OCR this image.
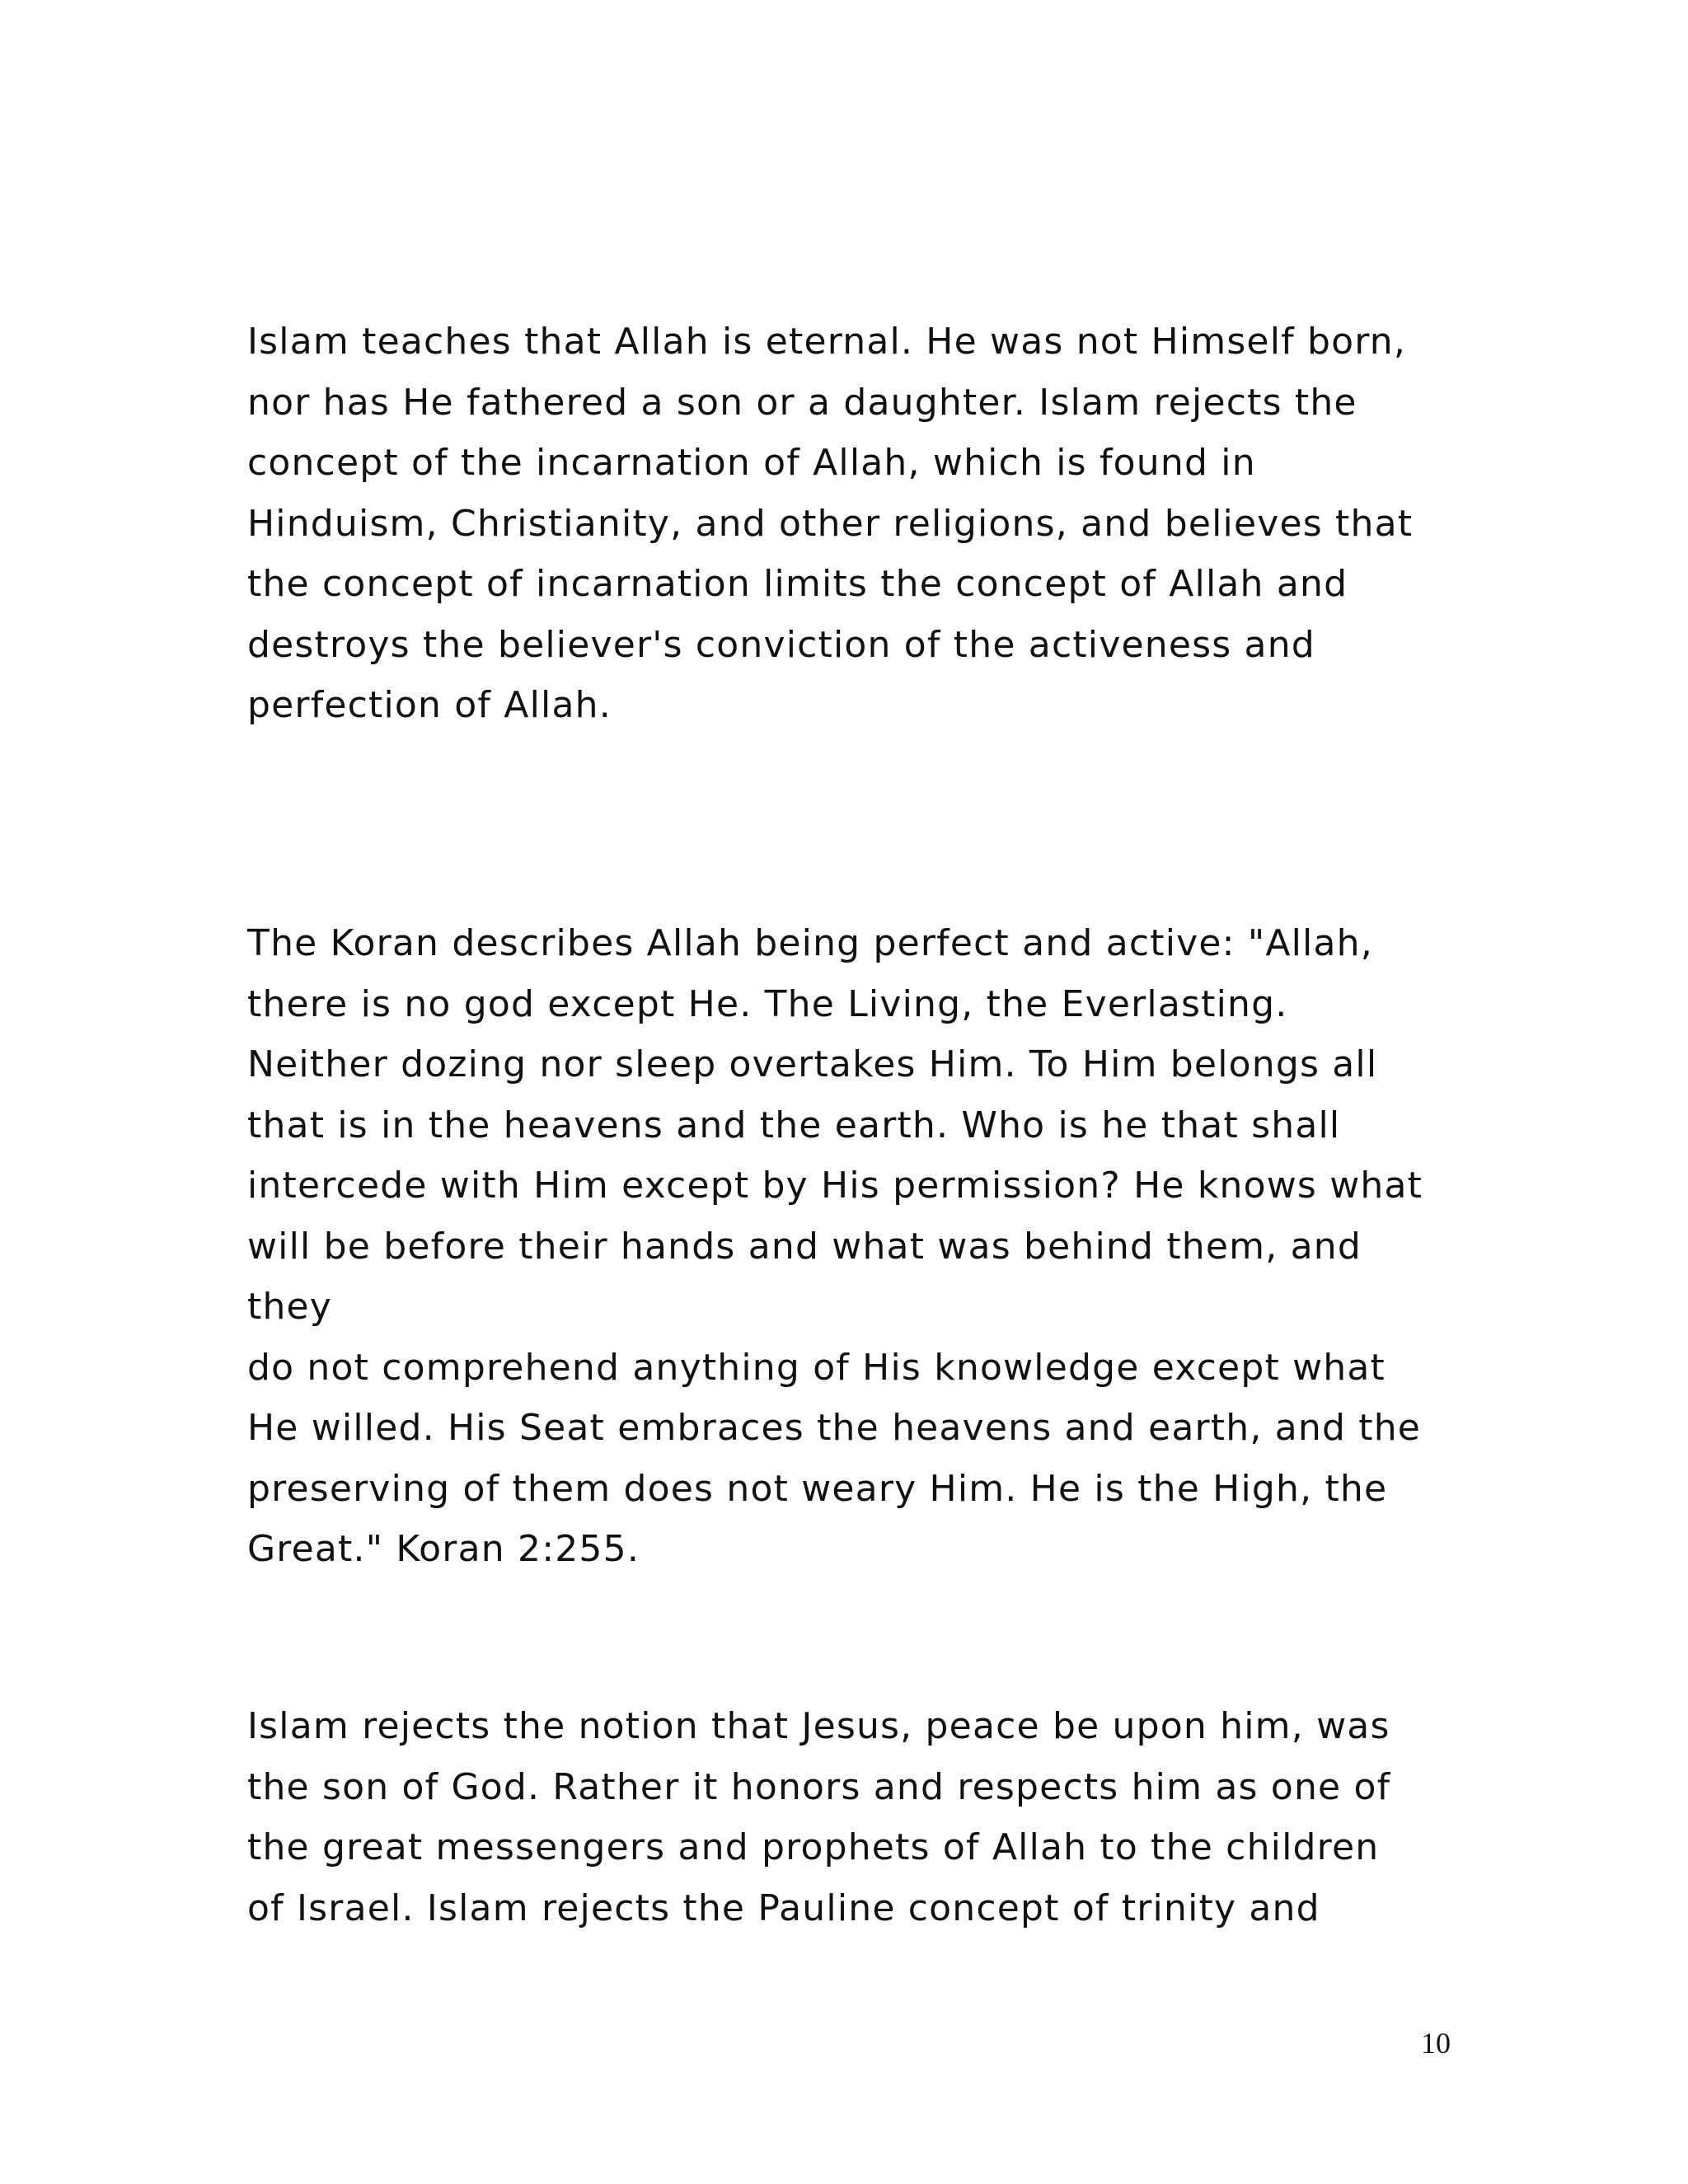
Islam teaches that Allah is eternal. He was not Himself born,
nor has He fathered a son or a daughter. Islam rejects the
concept of the incarnation of Allah, which is found in
Hinduism, Christianity, and other religions, and believes that
the concept of incarnation limits the concept of Allah and
destroys the believer's conviction of the activeness and
perfection of Allah.

The Koran describes Allah being perfect and active: "Allah,
there is no god except He. The Living, the Everlasting.
Neither dozing nor sleep overtakes Him. To Him belongs all
that is in the heavens and the earth. Who is he that shall
intercede with Him except by His permission? He knows what
will be before their hands and what was behind them, and they
do not comprehend anything of His knowledge except what
He willed. His Seat embraces the heavens and earth, and the
preserving of them does not weary Him. He is the High, the
Great." Koran 2:255.

Islam rejects the notion that Jesus, peace be upon him, was
the son of God. Rather it honors and respects him as one of
the great messengers and prophets of Allah to the children
of Israel. Islam rejects the Pauline concept of trinity and

10
